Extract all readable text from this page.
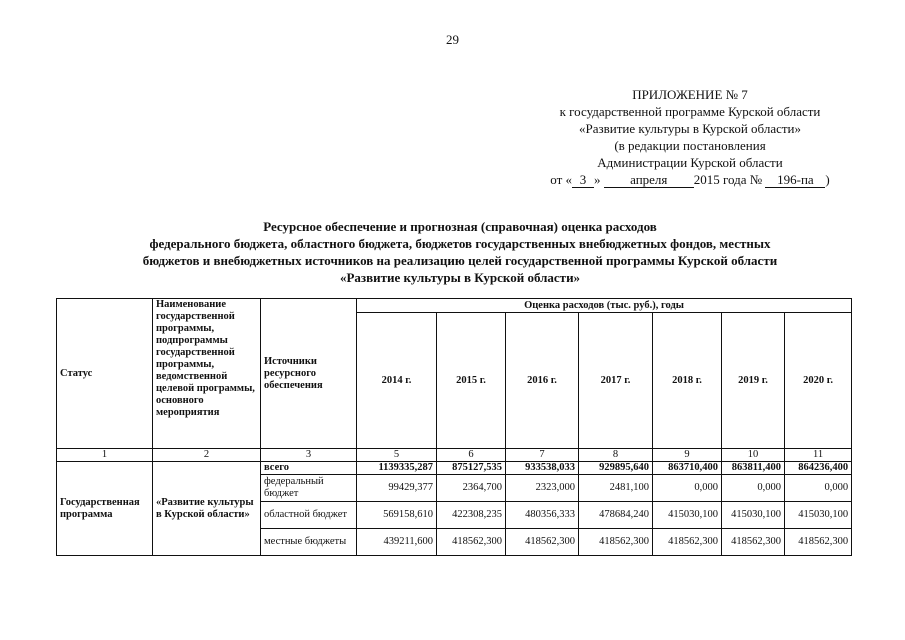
29
ПРИЛОЖЕНИЕ № 7
к государственной программе Курской области
«Развитие культуры в Курской области»
(в редакции постановления
Администрации Курской области
от « 3 » апреля 2015 года № 196-па )
Ресурсное обеспечение и прогнозная (справочная) оценка расходов
федерального бюджета, областного бюджета, бюджетов государственных внебюджетных фондов, местных
бюджетов и внебюджетных источников на реализацию целей государственной программы Курской области
«Развитие культуры в Курской области»
Статус	Наименование государственной программы, подпрограммы государственной программы, ведомственной целевой программы, основного мероприятия	Источники ресурсного обеспечения	Оценка расходов (тыс. руб.), годы						
			2014 г.	2015 г.	2016 г.	2017 г.	2018 г.	2019 г.	2020 г.
1	2	3	5	6	7	8	9	10	11
Государственная программа	«Развитие культуры в Курской области»	всего	1139335,287	875127,535	933538,033	929895,640	863710,400	863811,400	864236,400
		федеральный бюджет	99429,377	2364,700	2323,000	2481,100	0,000	0,000	0,000
		областной бюджет	569158,610	422308,235	480356,333	478684,240	415030,100	415030,100	415030,100
		местные бюджеты	439211,600	418562,300	418562,300	418562,300	418562,300	418562,300	418562,300
